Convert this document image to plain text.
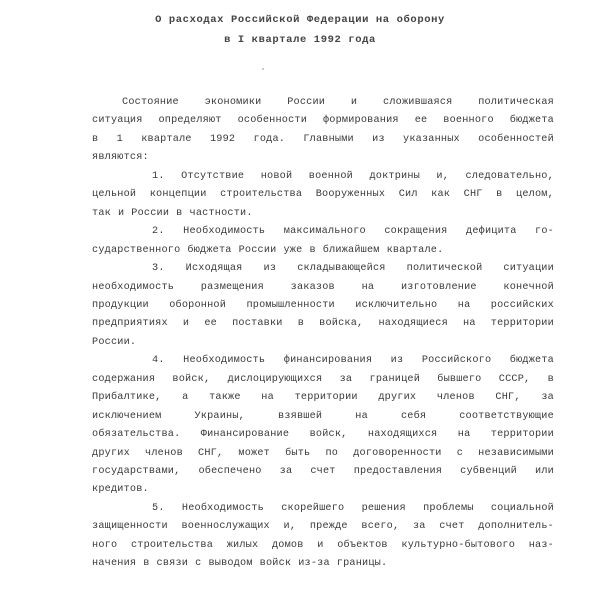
О расходах Российской Федерации на оборону
в I квартале 1992 года
Состояние	экономики	России	и	сложившаяся	политическая
ситуация определяют особенности формирования ее военного бюджета
в 1 квартале 1992 года. Главными из указанных особенностей
являются:
1. Отсутствие новой военной доктрины и, следовательно,
цельной концепции строительства Вооруженных Сил как СНГ в целом,
так и России в частности.
2. Необходимость максимального сокращения дефицита го-
сударственного бюджета России уже в ближайшем квартале.
3. Исходящая из складывающейся политической ситуации
необходимость	размещения	заказов	на	изготовление	конечной
продукции оборонной промышленности исключительно на российских
предприятиях и ее поставки в войска, находящиеся на территории
России.
4. Необходимость финансирования из Российского бюджета
содержания войск, дислоцирующихся за границей бывшего СССР, в
Прибалтике, а также на территории других членов СНГ, за
исключением	Украины,	взявшей	на	себя	соответствующие
обязательства. Финансирование войск, находящихся на территории
других членов СНГ, может быть по договоренности с независимыми
государствами, обеспечено за счет предоставления субвенций или
кредитов.
5. Необходимость скорейшего решения проблемы социальной
защищенности военнослужащих и, прежде всего, за счет дополнитель-
ного строительства жилых домов и объектов культурно-бытового наз-
начения в связи с выводом войск из-за границы.
